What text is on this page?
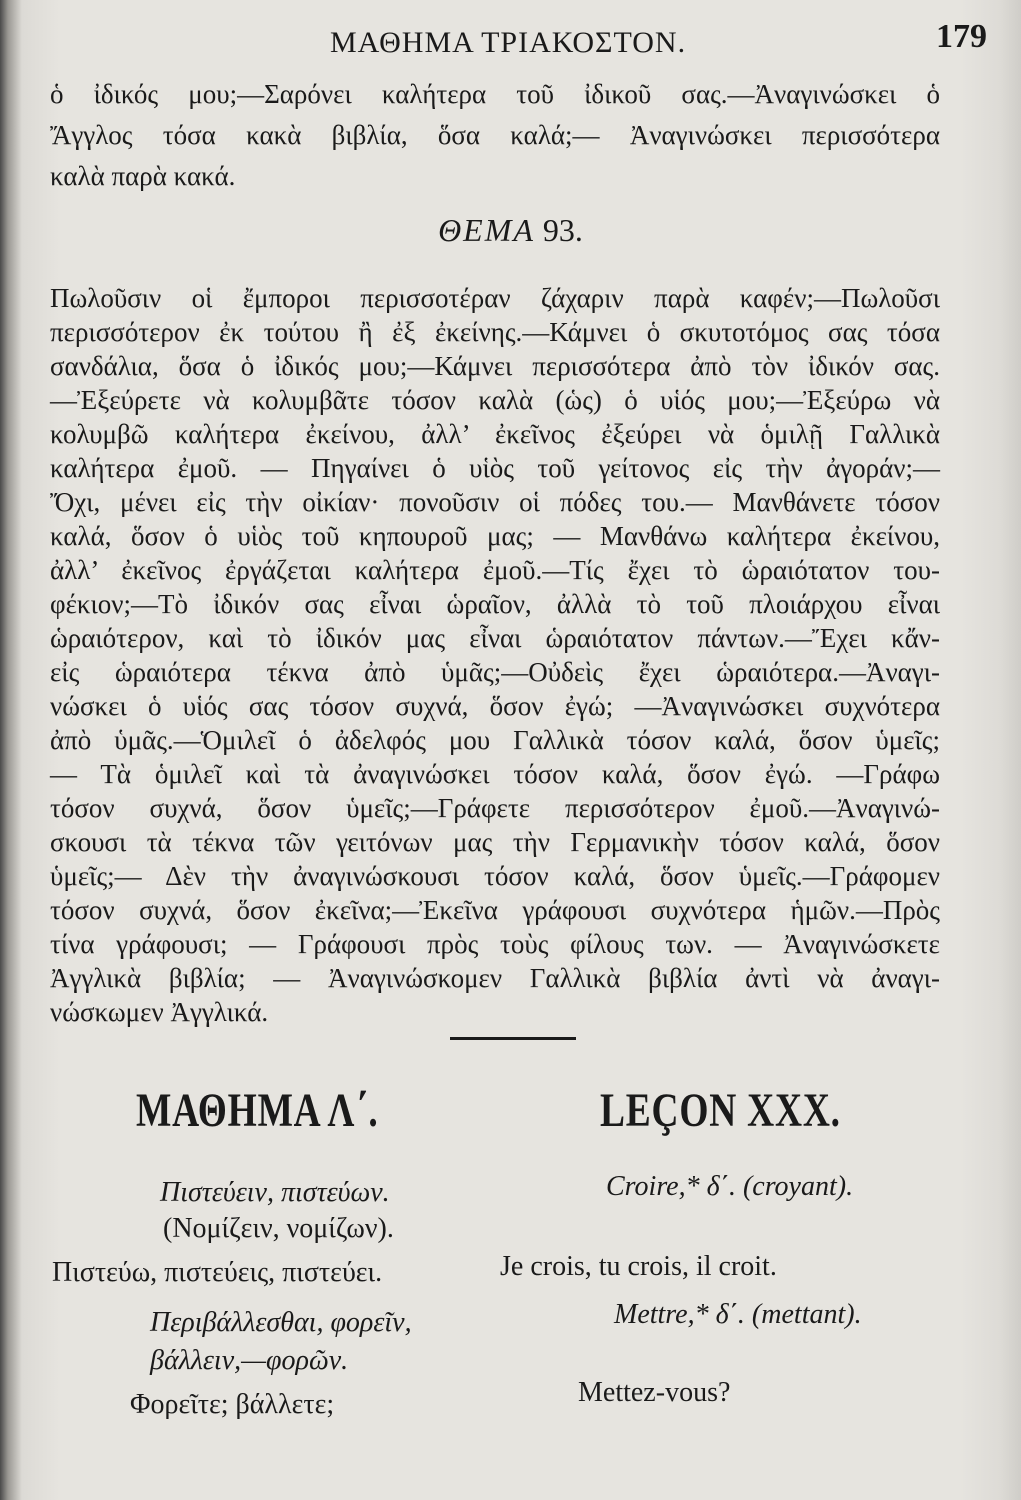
ΜΑΘΗΜΑ ΤΡΙΑΚΟΣΤΟΝ.	179
ὁ ἰδικός μου;—Σαρόνει καλήτερα τοῦ ἰδικοῦ σας.—Ἀναγινώσκει ὁ
Ἄγγλος τόσα κακὰ βιβλία, ὅσα καλά;— Ἀναγινώσκει περισσότερα
καλὰ παρὰ κακά.
ΘΕΜΑ 93.
Πωλοῦσιν οἱ ἔμποροι περισσοτέραν ζάχαριν παρὰ καφέν;—Πωλοῦσι
περισσότερον ἐκ τούτου ἢ ἐξ ἐκείνης.—Κάμνει ὁ σκυτοτόμος σας τόσα
σανδάλια, ὅσα ὁ ἰδικός μου;—Κάμνει περισσότερα ἀπὸ τὸν ἰδικόν σας.
—Ἐξεύρετε νὰ κολυμβᾶτε τόσον καλὰ (ὡς) ὁ υἱός μου;—Ἐξεύρω νὰ
κολυμβῶ καλήτερα ἐκείνου, ἀλλ’ ἐκεῖνος ἐξεύρει νὰ ὁμιλῇ Γαλλικὰ
καλήτερα ἐμοῦ. — Πηγαίνει ὁ υἱὸς τοῦ γείτονος εἰς τὴν ἀγοράν;—
Ὄχι, μένει εἰς τὴν οἰκίαν· πονοῦσιν οἱ πόδες του.— Μανθάνετε τόσον
καλά, ὅσον ὁ υἱὸς τοῦ κηπουροῦ μας; — Μανθάνω καλήτερα ἐκείνου,
ἀλλ’ ἐκεῖνος ἐργάζεται καλήτερα ἐμοῦ.—Τίς ἔχει τὸ ὡραιότατον του-
φέκιον;—Τὸ ἰδικόν σας εἶναι ὡραῖον, ἀλλὰ τὸ τοῦ πλοιάρχου εἶναι
ὡραιότερον, καὶ τὸ ἰδικόν μας εἶναι ὡραιότατον πάντων.—Ἔχει κἄν-
εἰς ὡραιότερα τέκνα ἀπὸ ὑμᾶς;—Οὐδεὶς ἔχει ὡραιότερα.—Ἀναγι-
νώσκει ὁ υἱός σας τόσον συχνά, ὅσον ἐγώ; —Ἀναγινώσκει συχνότερα
ἀπὸ ὑμᾶς.—Ὁμιλεῖ ὁ ἀδελφός μου Γαλλικὰ τόσον καλά, ὅσον ὑμεῖς;
— Τὰ ὁμιλεῖ καὶ τὰ ἀναγινώσκει τόσον καλά, ὅσον ἐγώ. —Γράφω
τόσον συχνά, ὅσον ὑμεῖς;—Γράφετε περισσότερον ἐμοῦ.—Ἀναγινώ-
σκουσι τὰ τέκνα τῶν γειτόνων μας τὴν Γερμανικὴν τόσον καλά, ὅσον
ὑμεῖς;— Δὲν τὴν ἀναγινώσκουσι τόσον καλά, ὅσον ὑμεῖς.—Γράφομεν
τόσον συχνά, ὅσον ἐκεῖνα;—Ἐκεῖνα γράφουσι συχνότερα ἡμῶν.—Πρὸς
τίνα γράφουσι; — Γράφουσι πρὸς τοὺς φίλους των. — Ἀναγινώσκετε
Ἀγγλικὰ βιβλία; — Ἀναγινώσκομεν Γαλλικὰ βιβλία ἀντὶ νὰ ἀναγι-
νώσκωμεν Ἀγγλικά.
ΜΑΘΗΜΑ Λ΄.	LEÇON XXX.
Πιστεύειν, πιστεύων.
(Νομίζειν, νομίζων).
Πιστεύω, πιστεύεις, πιστεύει.
Περιβάλλεσθαι, φορεῖν,
βάλλειν,—φορῶν.
Φορεῖτε; βάλλετε;
Croire,* δ΄. (croyant).
Je crois, tu crois, il croit.
Mettre,* δ΄. (mettant).
Mettez-vous?
